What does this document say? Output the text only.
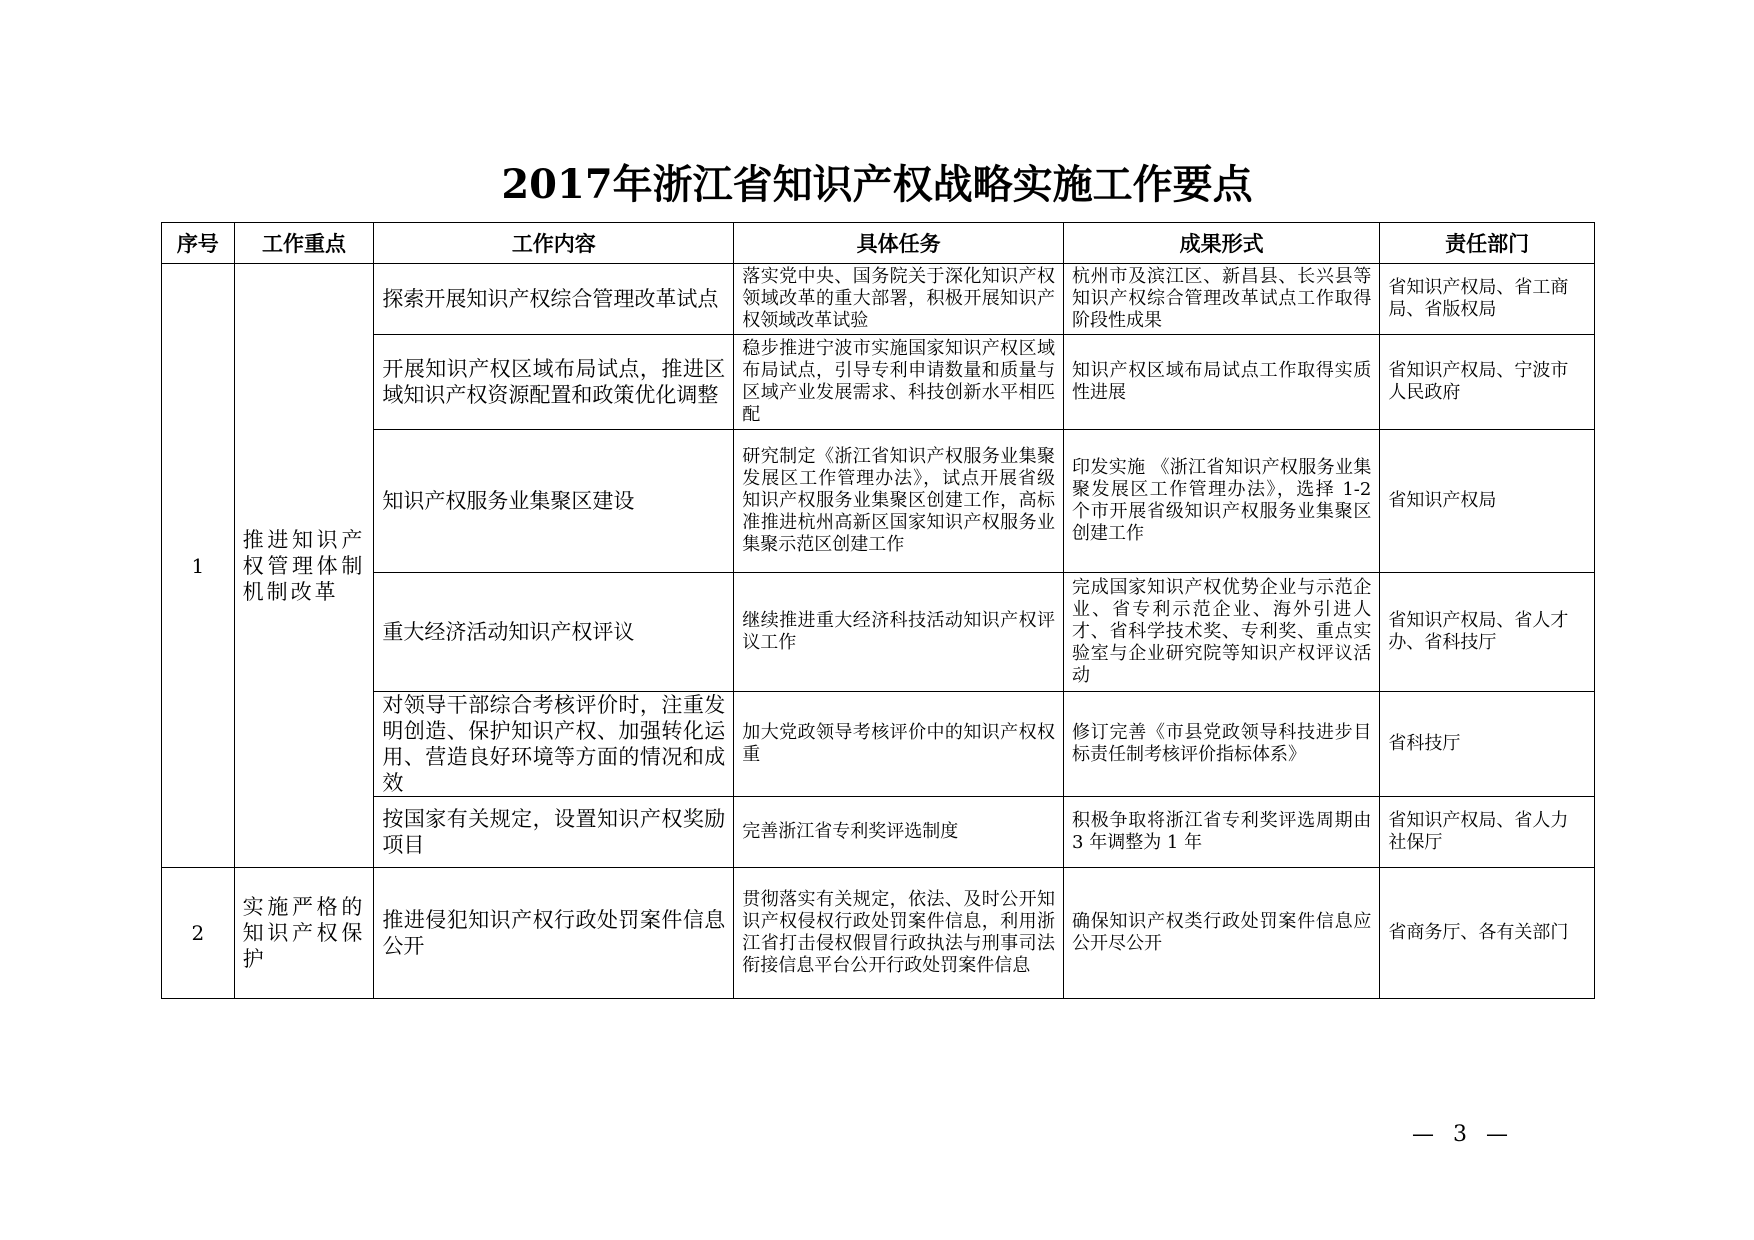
2017年浙江省知识产权战略实施工作要点
序号	工作重点	工作内容	具体任务	成果形式	责任部门
1	推进知识产权管理体制机制改革	探索开展知识产权综合管理改革试点	落实党中央、国务院关于深化知识产权领域改革的重大部署，积极开展知识产权领域改革试验	杭州市及滨江区、新昌县、长兴县等知识产权综合管理改革试点工作取得阶段性成果	省知识产权局、省工商局、省版权局
		开展知识产权区域布局试点，推进区域知识产权资源配置和政策优化调整	稳步推进宁波市实施国家知识产权区域布局试点，引导专利申请数量和质量与区域产业发展需求、科技创新水平相匹配	知识产权区域布局试点工作取得实质性进展	省知识产权局、宁波市人民政府
		知识产权服务业集聚区建设	研究制定《浙江省知识产权服务业集聚发展区工作管理办法》，试点开展省级知识产权服务业集聚区创建工作，高标准推进杭州高新区国家知识产权服务业集聚示范区创建工作	印发实施 《浙江省知识产权服务业集聚发展区工作管理办法》，选择 1-2 个市开展省级知识产权服务业集聚区创建工作	省知识产权局
		重大经济活动知识产权评议	继续推进重大经济科技活动知识产权评议工作	完成国家知识产权优势企业与示范企业、省专利示范企业、海外引进人才、省科学技术奖、专利奖、重点实验室与企业研究院等知识产权评议活动	省知识产权局、省人才办、省科技厅
		对领导干部综合考核评价时，注重发明创造、保护知识产权、加强转化运用、营造良好环境等方面的情况和成效	加大党政领导考核评价中的知识产权权重	修订完善《市县党政领导科技进步目标责任制考核评价指标体系》	省科技厅
		按国家有关规定，设置知识产权奖励项目	完善浙江省专利奖评选制度	积极争取将浙江省专利奖评选周期由 3 年调整为 1 年	省知识产权局、省人力社保厅
2	实施严格的知识产权保护	推进侵犯知识产权行政处罚案件信息公开	贯彻落实有关规定，依法、及时公开知识产权侵权行政处罚案件信息，利用浙江省打击侵权假冒行政执法与刑事司法衔接信息平台公开行政处罚案件信息	确保知识产权类行政处罚案件信息应公开尽公开	省商务厅、各有关部门
— 3 —
